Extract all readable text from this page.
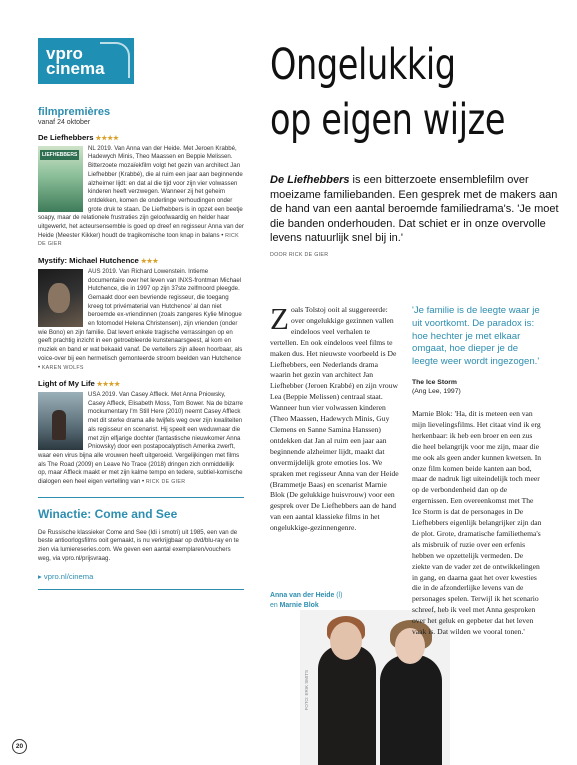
vpro
cinema
filmpremières
vanaf 24 oktober
De Liefhebbers ★★★★
LIEFHEBBERS
NL 2019. Van Anna van der Heide. Met Jeroen Krabbé, Hadewych Minis, Theo Maassen en Beppie Melissen. Bitterzoete mozaïekfilm volgt het gezin van architect Jan Liefhebber (Krabbé), die al ruim een jaar aan beginnende alzheimer lijdt: en dat al die tijd voor zijn vier volwassen kinderen heeft verzwegen. Wanneer zij het geheim ontdekken, komen de onderlinge verhoudingen onder grote druk te staan. De Liefhebbers is in opzet een beetje soapy, maar de relationele frustraties zijn geloofwaardig en helder haar uitgewerkt, het acteursensemble is goed op dreef en regisseur Anna van der Heide (Meester Kikker) houdt de tragikomische toon knap in balans • RICK DE GIER
Mystify: Michael Hutchence ★★★
AUS 2019. Van Richard Lowenstein. Intieme documentaire over het leven van INXS-frontman Michael Hutchence, die in 1997 op zijn 37ste zelfmoord pleegde. Gemaakt door een bevriende regisseur, die toegang kreeg tot privématerial van Hutchence' al dan niet beroemde ex-vriendinnen (zoals zangeres Kylie Minogue en fotomodel Helena Christensen), zijn vrienden (onder wie Bono) en zijn familie. Dat levert enkele tragische verrassingen op en geeft prachtig inzicht in een getroebleerde kunstenaarsgeest, al kom en muziek en band er wat bekaaid vanaf. De vertellers zijn alleen hoorbaar, als voice-over bij een hermetisch gemonteerde stroom beelden van Hutchence • KAREN WOLFS
Light of My Life ★★★★
USA 2019. Van Casey Affleck. Met Anna Pniowsky, Casey Affleck, Elisabeth Moss, Tom Bower. Na de bizarre mockumentary I'm Still Here (2010) neemt Casey Affleck met dit sterke drama alle twijfels weg over zijn kwaliteiten als regisseur en scenarist. Hij speelt een weduwnaar die met zijn elfjarige dochter (fantastische nieuwkomer Anna Pniowsky) door een postapocalyptisch Amerika zwerft, waar een virus bijna alle vrouwen heeft uitgeroeid. Vergelijkingen met films als The Road (2009) en Leave No Trace (2018) dringen zich onmiddellijk op, maar Affleck maakt er met zijn kalme tempo en tedere, subtiel-komische dialogen een heel eigen vertelling van • RICK DE GIER
Winactie: Come and See
De Russische klassieker Come and See (Idi i smotri) uit 1985, een van de beste antioorlogsfilms ooit gemaakt, is nu verkrijgbaar op dvd/blu-ray en te zien via lumiereseries.com. We geven een aantal exemplaren/vouchers weg, via vpro.nl/prijsvraag.
▸ vpro.nl/cinema
20
Ongelukkig
op eigen wijze
De Liefhebbers is een bitterzoete ensemblefilm over moeizame familiebanden. Een gesprek met de makers aan de hand van een aantal beroemde familiedrama's. 'Je moet die banden onderhouden. Dat schiet er in onze overvolle levens natuurlijk snel bij in.'
DOOR RICK DE GIER
Z oals Tolstoj ooit al suggereerde: over ongelukkige gezinnen vallen eindeloos veel verhalen te vertellen. En ook eindeloos veel films te maken dus. Het nieuwste voorbeeld is De Liefhebbers, een Nederlands drama waarin het gezin van architect Jan Liefhebber (Jeroen Krabbé) en zijn vrouw Lea (Beppie Melissen) centraal staat. Wanneer hun vier volwassen kinderen (Theo Maassen, Hadewych Minis, Guy Clemens en Sanne Samina Hanssen) ontdekken dat Jan al ruim een jaar aan beginnende alzheimer lijdt, maakt dat onvermijdelijk grote emoties los. We spraken met regisseur Anna van der Heide (Brammetje Baas) en scenarist Marnie Blok (De gelukkige huisvrouw) voor een gesprek over De Liefhebbers aan de hand van een aantal klassieke films in het ongelukkige-gezinnengenre.
Anna van der Heide (l)
en Marnie Blok
FOTO: ERIK SMITS
'Je familie is de leegte waar je uit voortkomt. De paradox is: hoe hechter je met elkaar omgaat, hoe dieper je de leegte weer wordt ingezogen.'
The Ice Storm
(Ang Lee, 1997)

Marnie Blok: 'Ha, dit is meteen een van mijn lievelingsfilms. Het citaat vind ik erg herkenbaar: ik heb een broer en een zus die heel belangrijk voor me zijn, maar die me ook als geen ander kunnen kwetsen. In onze film komen beide kanten aan bod, maar de nadruk ligt uiteindelijk toch meer op de verbondenheid dan op de ergernissen. Een overeenkomst met The Ice Storm is dat de personages in De Liefhebbers eigenlijk belangrijker zijn dan de plot. Grote, dramatische familiethema's als misbruik of ruzie over een erfenis hebben we opzettelijk vermeden. De ziekte van de vader zet de ontwikkelingen in gang, en daarna gaat het over kwesties die in de afzonderlijke levens van de personages spelen. Terwijl ik het scenario schreef, heb ik veel met Anna gesproken over het geluk en gepbeter dat het leven vaak is. Dat wilden we vooral tonen.'
